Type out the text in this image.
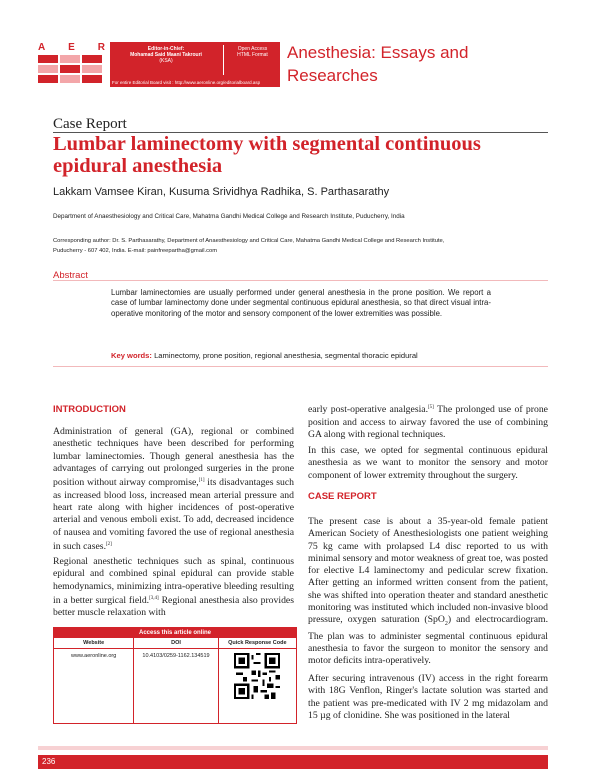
A E R	Editor-in-Chief:
Mohamad Said Maani Takrouri
(KSA)
Open Access
HTML Format
For entire Editorial Board visit : http://www.aeronline.org/editorialboard.asp
Anesthesia: Essays and Researches
Case Report
Lumbar laminectomy with segmental continuous epidural anesthesia
Lakkam Vamsee Kiran, Kusuma Srividhya Radhika, S. Parthasarathy
Department of Anaesthesiology and Critical Care, Mahatma Gandhi Medical College and Research Institute, Puducherry, India
Corresponding author: Dr. S. Parthasarathy, Department of Anaesthesiology and Critical Care, Mahatma Gandhi Medical College and Research Institute,
Puducherry - 607 402, India. E-mail: painfreepartha@gmail.com
Abstract
Lumbar laminectomies are usually performed under general anesthesia in the prone position. We report a case of lumbar laminectomy done under segmental continuous epidural anesthesia, so that direct visual intra-operative monitoring of the motor and sensory component of the lower extremities was possible.
Key words: Laminectomy, prone position, regional anesthesia, segmental thoracic epidural
INTRODUCTION
Administration of general (GA), regional or combined anesthetic techniques have been described for performing lumbar laminectomies. Though general anesthesia has the advantages of carrying out prolonged surgeries in the prone position without airway compromise,[1] its disadvantages such as increased blood loss, increased mean arterial pressure and heart rate along with higher incidences of post-operative arterial and venous emboli exist. To add, decreased incidence of nausea and vomiting favored the use of regional anesthesia in such cases.[2]
Regional anesthetic techniques such as spinal, continuous epidural and combined spinal epidural can provide stable hemodynamics, minimizing intra-operative bleeding resulting in a better surgical field.[3,4] Regional anesthesia also provides better muscle relaxation with
Access this article online
Website
www.aeronline.org
DOI
10.4103/0259-1162.134519
Quick Response Code
early post-operative analgesia.[5] The prolonged use of prone position and access to airway favored the use of combining GA along with regional techniques.
In this case, we opted for segmental continuous epidural anesthesia as we want to monitor the sensory and motor component of lower extremity throughout the surgery.
CASE REPORT
The present case is about a 35-year-old female patient American Society of Anesthesiologists one patient weighing 75 kg came with prolapsed L4 disc reported to us with minimal sensory and motor weakness of great toe, was posted for elective L4 laminectomy and pedicular screw fixation. After getting an informed written consent from the patient, she was shifted into operation theater and standard anesthetic monitoring was instituted which included non-invasive blood pressure, oxygen saturation (SpO$_2$) and electrocardiogram. The plan was to administer segmental continuous epidural anesthesia to favor the surgeon to monitor the sensory and motor deficits intra-operatively.
After securing intravenous (IV) access in the right forearm with 18G Venflon, Ringer's lactate solution was started and the patient was pre-medicated with IV 2 mg midazolam and 15 µg of clonidine. She was positioned in the lateral
236
